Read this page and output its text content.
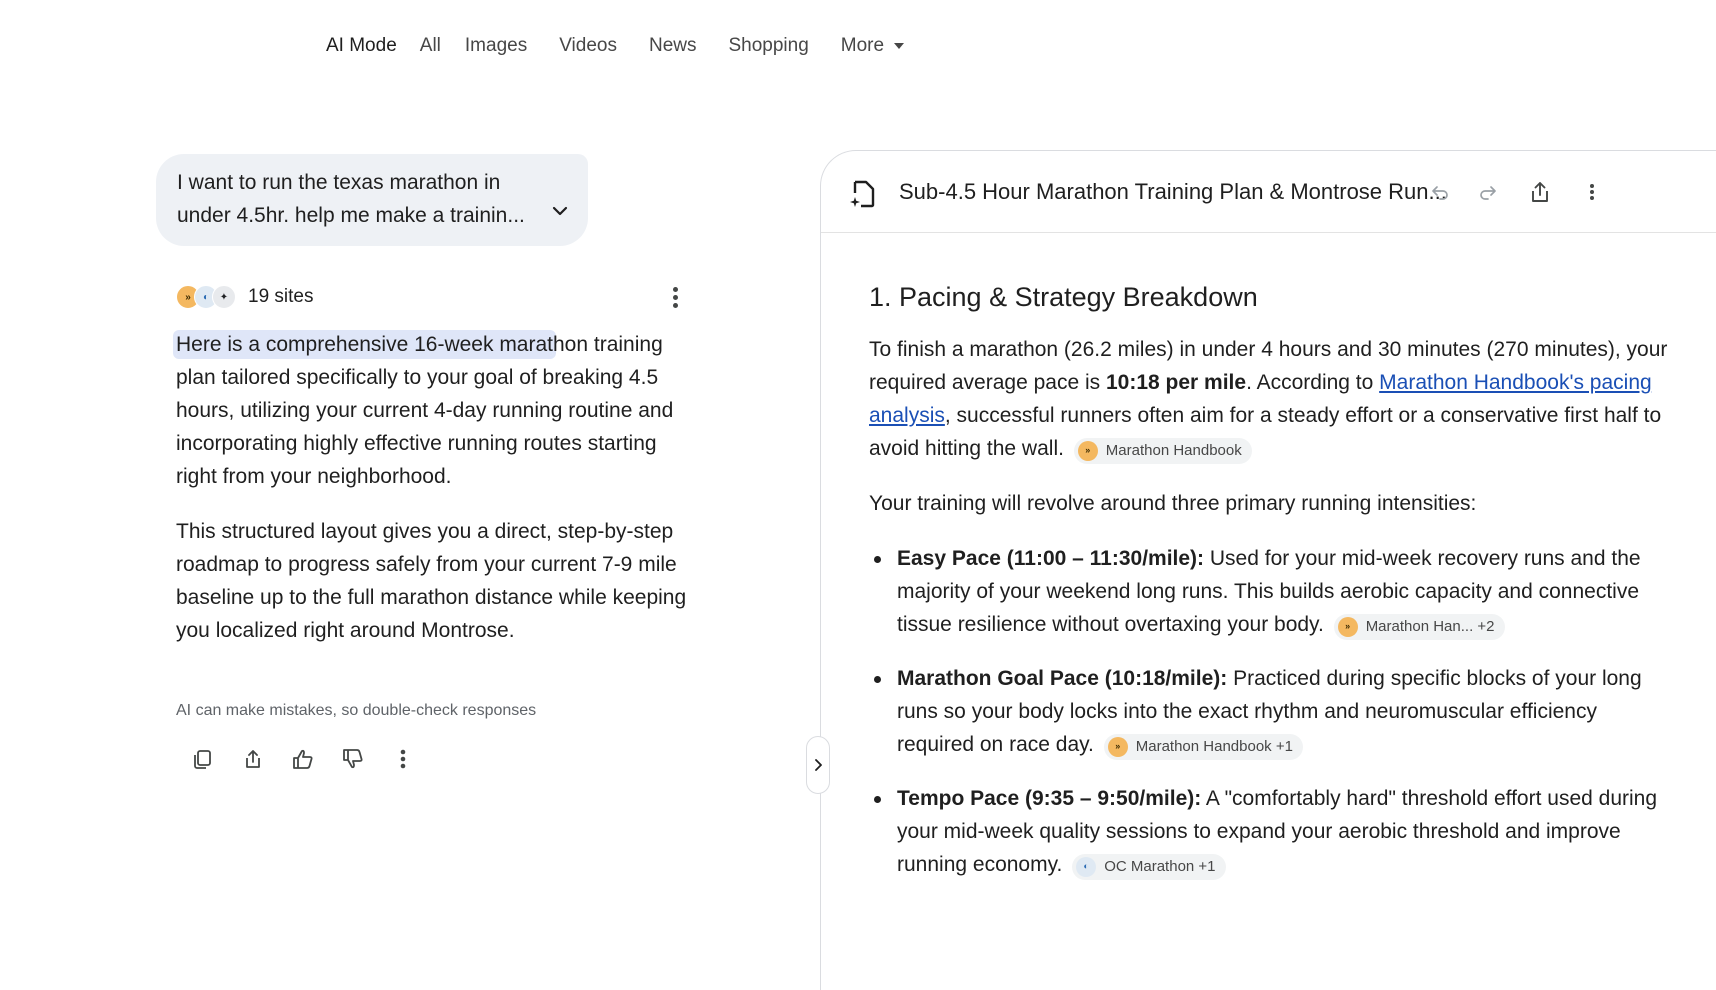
AI Mode All Images Videos News Shopping More
I want to run the texas marathon in under 4.5hr. help me make a trainin...
»	◐	✦	19 sites

Here is a comprehensive 16-week marathon training plan tailored specifically to your goal of breaking 4.5 hours, utilizing your current 4-day running routine and incorporating highly effective running routes starting right from your neighborhood.

This structured layout gives you a direct, step-by-step roadmap to progress safely from your current 7-9 mile baseline up to the full marathon distance while keeping you localized right around Montrose.

AI can make mistakes, so double-check responses
Sub-4.5 Hour Marathon Training Plan & Montrose Run...
1. Pacing & Strategy Breakdown

To finish a marathon (26.2 miles) in under 4 hours and 30 minutes (270 minutes), your required average pace is 10:18 per mile. According to Marathon Handbook's pacing analysis, successful runners often aim for a steady effort or a conservative first half to avoid hitting the wall.	»	Marathon Handbook

Your training will revolve around three primary running intensities:

Easy Pace (11:00 – 11:30/mile): Used for your mid-week recovery runs and the majority of your weekend long runs. This builds aerobic capacity and connective tissue resilience without overtaxing your body.	»	Marathon Han... +2
Marathon Goal Pace (10:18/mile): Practiced during specific blocks of your long runs so your body locks into the exact rhythm and neuromuscular efficiency required on race day.	»	Marathon Handbook +1
Tempo Pace (9:35 – 9:50/mile): A "comfortably hard" threshold effort used during your mid-week quality sessions to expand your aerobic threshold and improve running economy.	◐	OC Marathon +1
